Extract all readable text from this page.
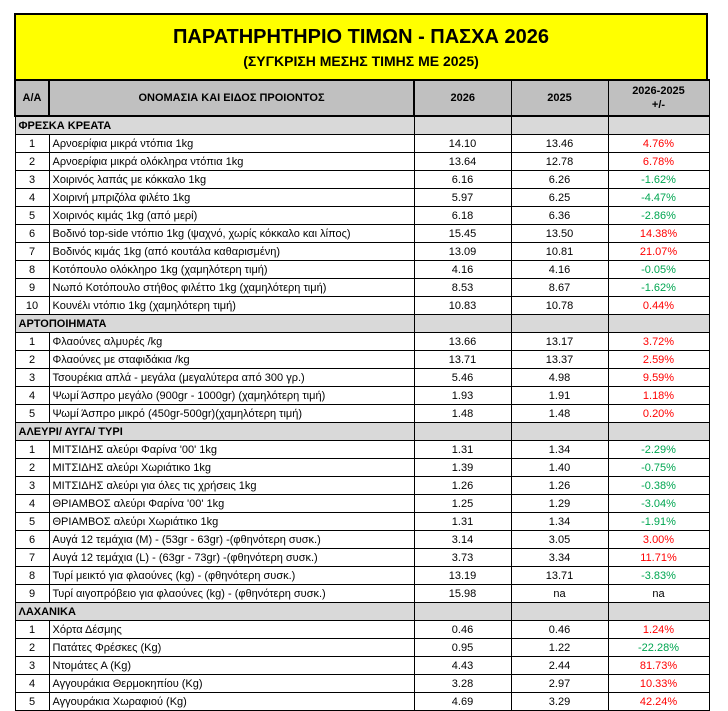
ΠΑΡΑΤΗΡΗΤΗΡΙΟ ΤΙΜΩΝ - ΠΑΣΧΑ 2026
(ΣΥΓΚΡΙΣΗ ΜΕΣΗΣ ΤΙΜΗΣ ΜΕ 2025)
Α/Α	ΟΝΟΜΑΣΙΑ ΚΑΙ ΕΙΔΟΣ ΠΡΟΙΟΝΤΟΣ	2026	2025	2026-2025
+/-
ΦΡΕΣΚΑ ΚΡΕΑΤΑ				
1	Αρνοερίφια μικρά ντόπια 1kg	14.10	13.46	4.76%
2	Αρνοερίφια μικρά ολόκληρα ντόπια 1kg	13.64	12.78	6.78%
3	Χοιρινός λαπάς με κόκκαλο 1kg	6.16	6.26	-1.62%
4	Χοιρινή μπριζόλα φιλέτο 1kg	5.97	6.25	-4.47%
5	Χοιρινός κιμάς 1kg (από μερί)	6.18	6.36	-2.86%
6	Βοδινό top-side ντόπιο 1kg (ψαχνό, χωρίς κόκκαλο και λίπος)	15.45	13.50	14.38%
7	Βοδινός κιμάς 1kg (από κουτάλα καθαρισμένη)	13.09	10.81	21.07%
8	Κοτόπουλο ολόκληρο 1kg (χαμηλότερη τιμή)	4.16	4.16	-0.05%
9	Νωπό Κοτόπουλο στήθος φιλέττο 1kg (χαμηλότερη τιμή)	8.53	8.67	-1.62%
10	Κουνέλι ντόπιο 1kg (χαμηλότερη τιμή)	10.83	10.78	0.44%
ΑΡΤΟΠΟΙΗΜΑΤΑ				
1	Φλαούνες αλμυρές /kg	13.66	13.17	3.72%
2	Φλαούνες με σταφιδάκια /kg	13.71	13.37	2.59%
3	Τσουρέκια απλά - μεγάλα (μεγαλύτερα από 300 γρ.)	5.46	4.98	9.59%
4	Ψωμί Άσπρο μεγάλο (900gr - 1000gr) (χαμηλότερη τιμή)	1.93	1.91	1.18%
5	Ψωμί Άσπρο μικρό (450gr-500gr)(χαμηλότερη τιμή)	1.48	1.48	0.20%
ΑΛΕΥΡΙ/ ΑΥΓΑ/ ΤΥΡΙ				
1	ΜΙΤΣΙΔΗΣ αλεύρι Φαρίνα '00' 1kg	1.31	1.34	-2.29%
2	ΜΙΤΣΙΔΗΣ αλεύρι Χωριάτικο 1kg	1.39	1.40	-0.75%
3	ΜΙΤΣΙΔΗΣ αλεύρι για όλες τις χρήσεις 1kg	1.26	1.26	-0.38%
4	ΘΡΙΑΜΒΟΣ αλεύρι Φαρίνα '00' 1kg	1.25	1.29	-3.04%
5	ΘΡΙΑΜΒΟΣ αλεύρι Χωριάτικο 1kg	1.31	1.34	-1.91%
6	Αυγά 12 τεμάχια (Μ) - (53gr - 63gr) -(φθηνότερη συσκ.)	3.14	3.05	3.00%
7	Αυγά 12 τεμάχια (L) - (63gr - 73gr) -(φθηνότερη συσκ.)	3.73	3.34	11.71%
8	Τυρί μεικτό για φλαούνες (kg) - (φθηνότερη συσκ.)	13.19	13.71	-3.83%
9	Τυρί αιγοπρόβειο για φλαούνες (kg) - (φθηνότερη συσκ.)	15.98	na	na
ΛΑΧΑΝΙΚΑ				
1	Χόρτα Δέσμης	0.46	0.46	1.24%
2	Πατάτες Φρέσκες (Kg)	0.95	1.22	-22.28%
3	Ντομάτες Α (Kg)	4.43	2.44	81.73%
4	Αγγουράκια Θερμοκηπίου (Kg)	3.28	2.97	10.33%
5	Αγγουράκια Χωραφιού (Kg)	4.69	3.29	42.24%
